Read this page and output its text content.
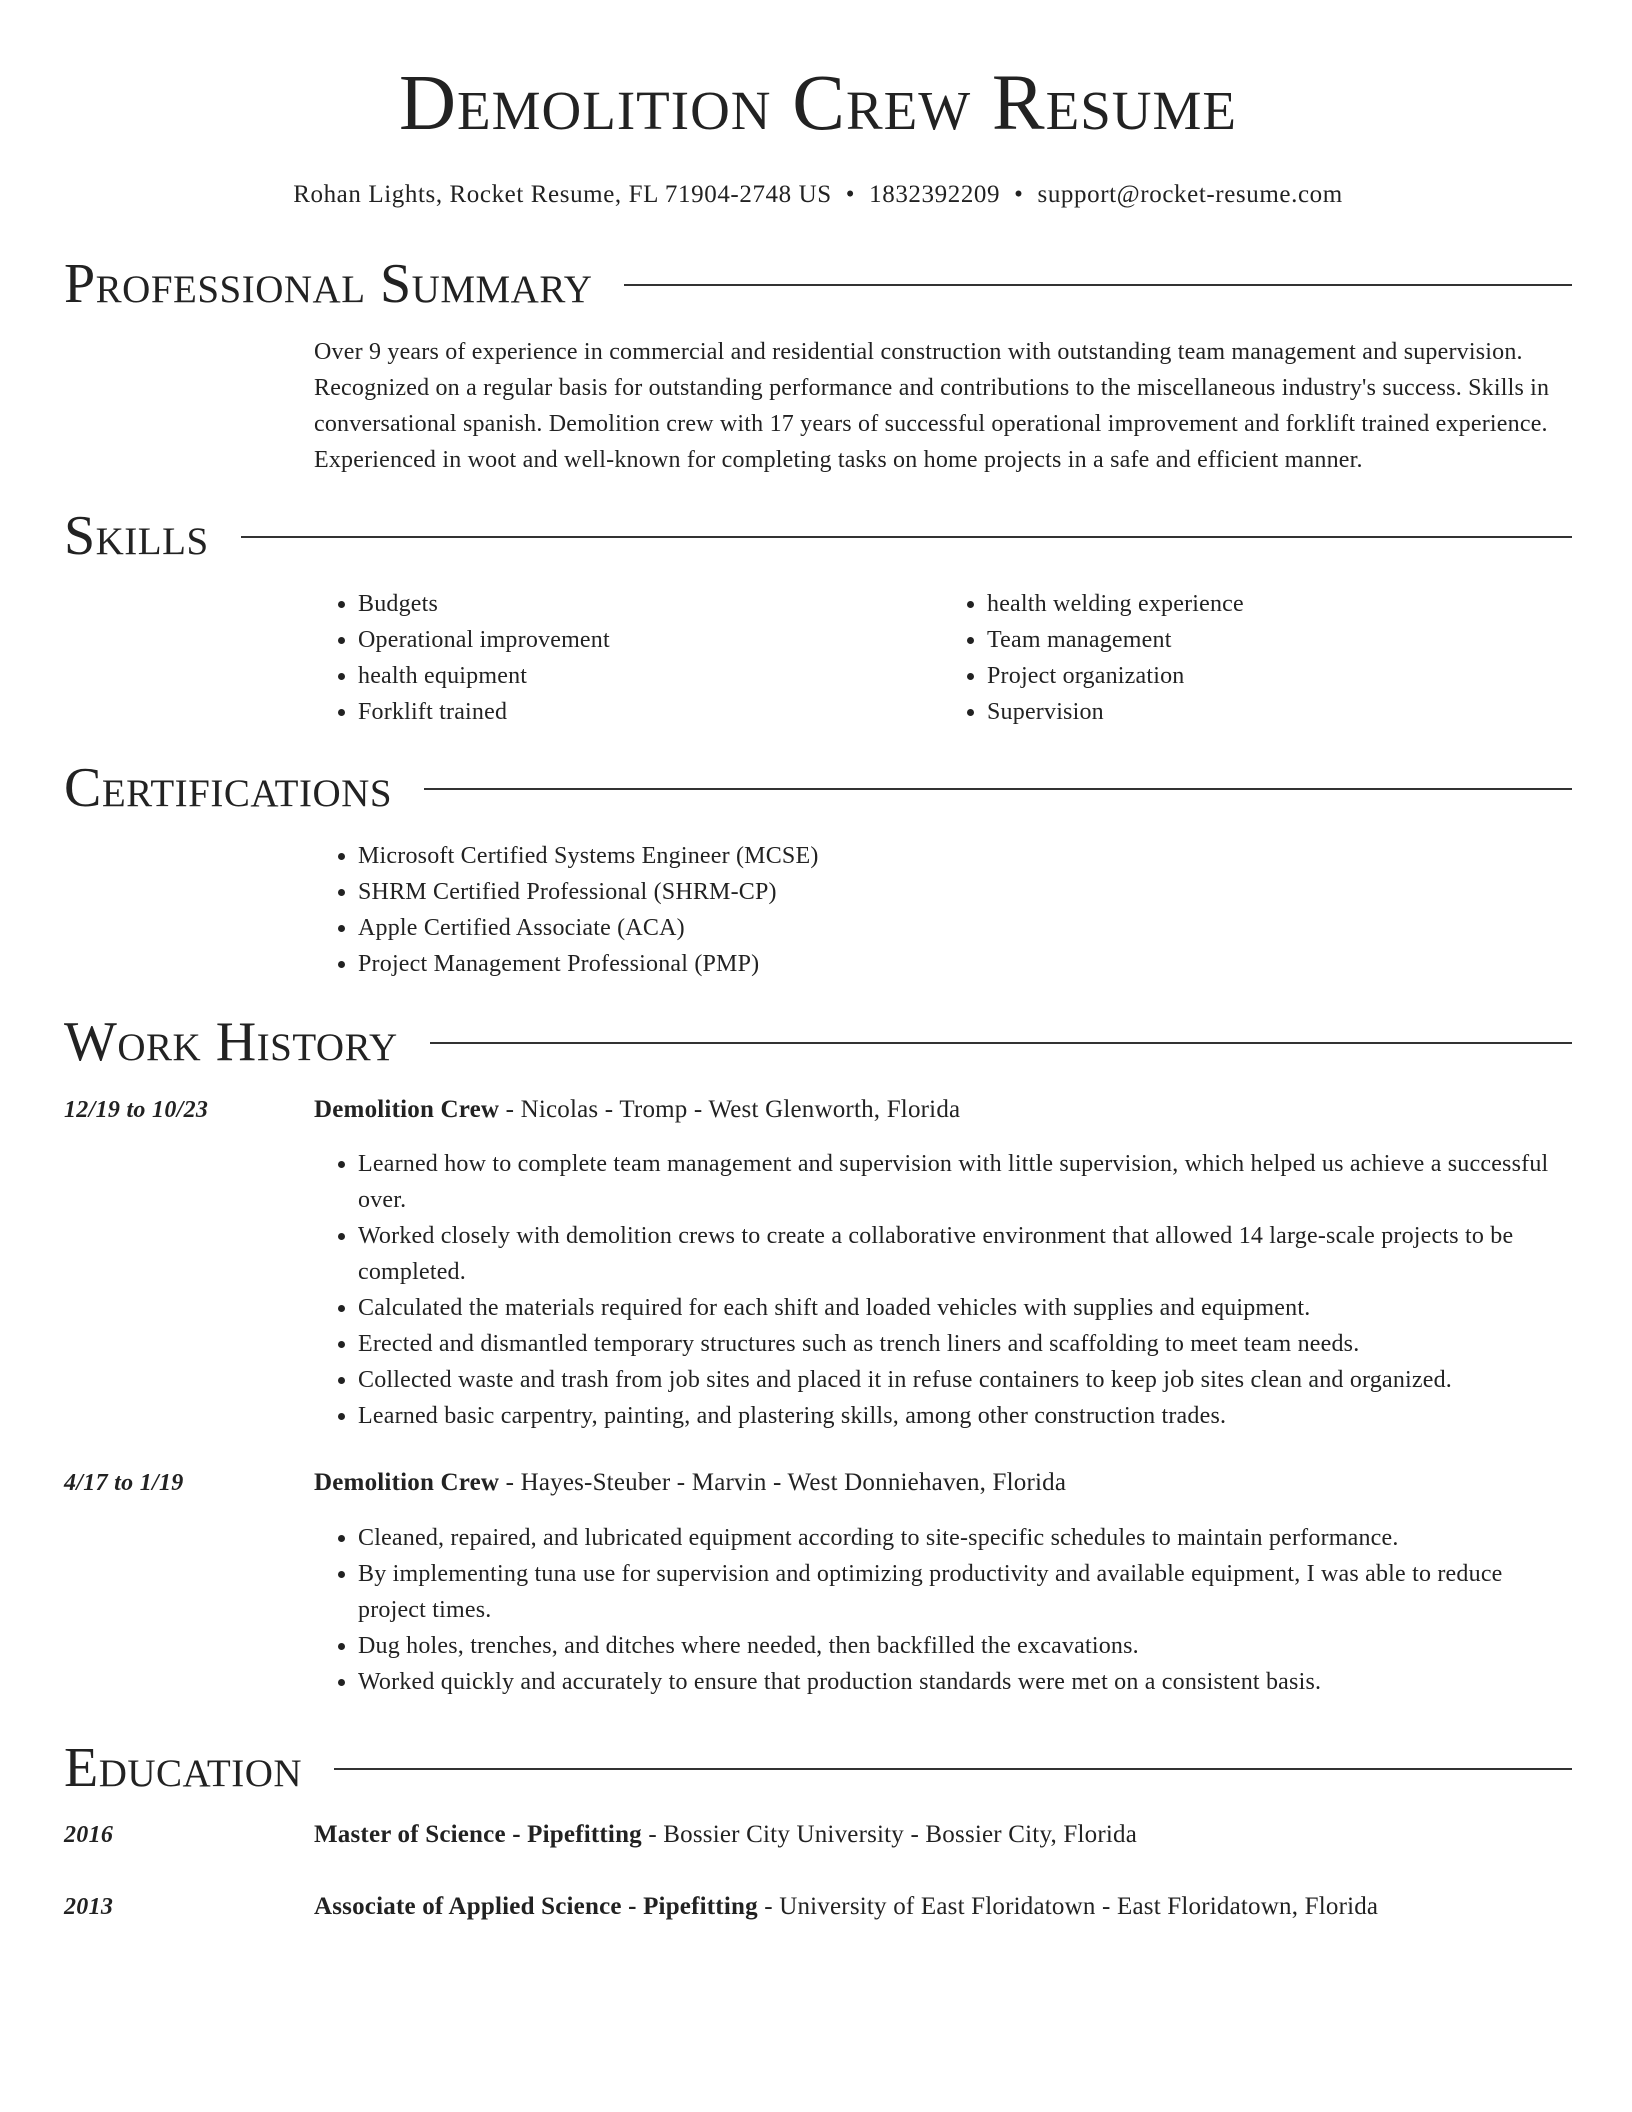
Demolition Crew Resume
Rohan Lights, Rocket Resume, FL 71904-2748 US • 1832392209 • support@rocket-resume.com
Professional Summary
Over 9 years of experience in commercial and residential construction with outstanding team management and supervision. Recognized on a regular basis for outstanding performance and contributions to the miscellaneous industry's success. Skills in conversational spanish. Demolition crew with 17 years of successful operational improvement and forklift trained experience. Experienced in woot and well-known for completing tasks on home projects in a safe and efficient manner.
Skills
• Budgets
• Operational improvement
• health equipment
• Forklift trained
• health welding experience
• Team management
• Project organization
• Supervision
Certifications
• Microsoft Certified Systems Engineer (MCSE)
• SHRM Certified Professional (SHRM-CP)
• Apple Certified Associate (ACA)
• Project Management Professional (PMP)
Work History
12/19 to 10/23	Demolition Crew - Nicolas - Tromp - West Glenworth, Florida
• Learned how to complete team management and supervision with little supervision, which helped us achieve a successful over.
• Worked closely with demolition crews to create a collaborative environment that allowed 14 large-scale projects to be completed.
• Calculated the materials required for each shift and loaded vehicles with supplies and equipment.
• Erected and dismantled temporary structures such as trench liners and scaffolding to meet team needs.
• Collected waste and trash from job sites and placed it in refuse containers to keep job sites clean and organized.
• Learned basic carpentry, painting, and plastering skills, among other construction trades.
4/17 to 1/19	Demolition Crew - Hayes-Steuber - Marvin - West Donniehaven, Florida
• Cleaned, repaired, and lubricated equipment according to site-specific schedules to maintain performance.
• By implementing tuna use for supervision and optimizing productivity and available equipment, I was able to reduce project times.
• Dug holes, trenches, and ditches where needed, then backfilled the excavations.
• Worked quickly and accurately to ensure that production standards were met on a consistent basis.
Education
2016	Master of Science - Pipefitting - Bossier City University - Bossier City, Florida
2013	Associate of Applied Science - Pipefitting - University of East Floridatown - East Floridatown, Florida
